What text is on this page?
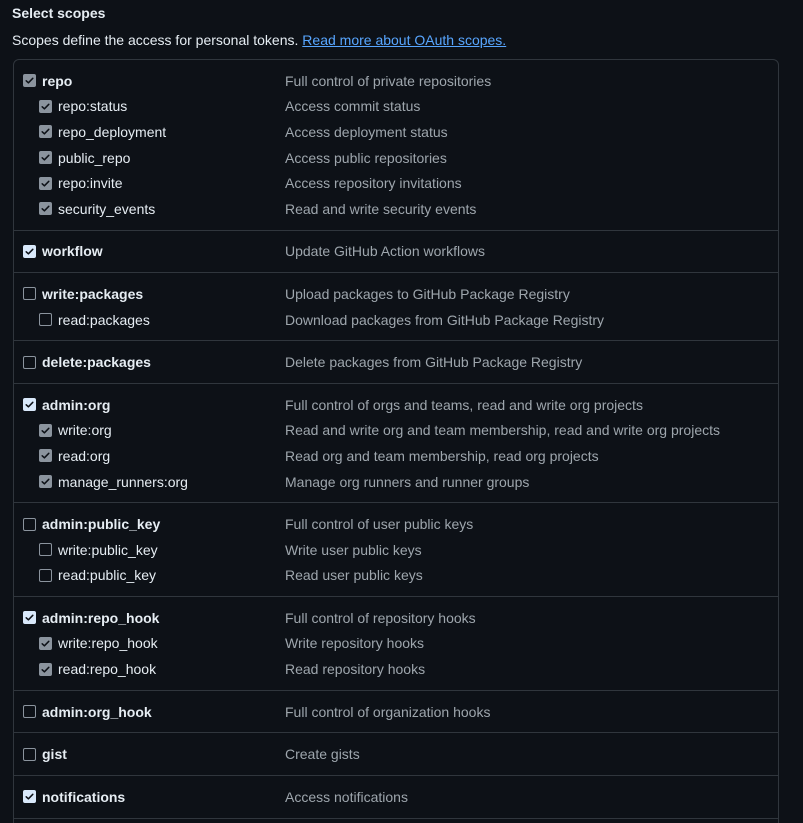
Select scopes
Scopes define the access for personal tokens. Read more about OAuth scopes.
repo	Full control of private repositories
repo:status	Access commit status
repo_deployment	Access deployment status
public_repo	Access public repositories
repo:invite	Access repository invitations
security_events	Read and write security events
workflow	Update GitHub Action workflows
write:packages	Upload packages to GitHub Package Registry
read:packages	Download packages from GitHub Package Registry
delete:packages	Delete packages from GitHub Package Registry
admin:org	Full control of orgs and teams, read and write org projects
write:org	Read and write org and team membership, read and write org projects
read:org	Read org and team membership, read org projects
manage_runners:org	Manage org runners and runner groups
admin:public_key	Full control of user public keys
write:public_key	Write user public keys
read:public_key	Read user public keys
admin:repo_hook	Full control of repository hooks
write:repo_hook	Write repository hooks
read:repo_hook	Read repository hooks
admin:org_hook	Full control of organization hooks
gist	Create gists
notifications	Access notifications
